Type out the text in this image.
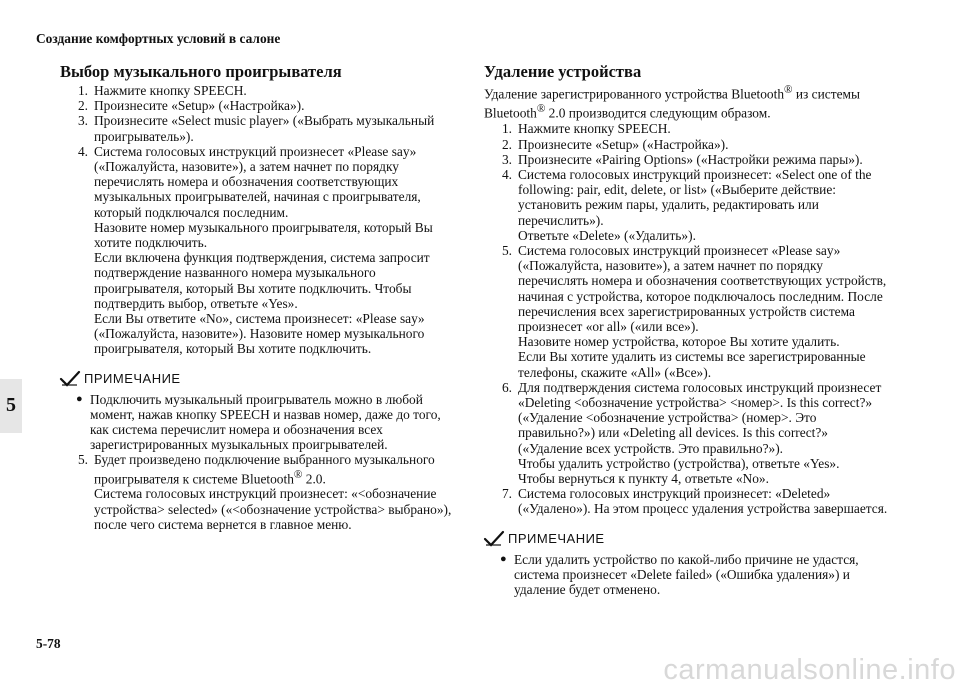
Создание комфортных условий в салоне
5
Выбор музыкального проигрывателя
1. Нажмите кнопку SPEECH.

2. Произнесите «Setup» («Настройка»).

3. Произнесите «Select music player» («Выбрать музыкальный проигрыватель»).

4. Система голосовых инструкций произнесет «Please say» («Пожалуйста, назовите»), а затем начнет по порядку перечислять номера и обозначения соответствующих музыкальных проигрывателей, начиная с проигрывателя, который подключался последним.

Назовите номер музыкального проигрывателя, который Вы хотите подключить.

Если включена функция подтверждения, система запросит подтверждение названного номера музыкального проигрывателя, который Вы хотите подключить. Чтобы подтвердить выбор, ответьте «Yes».

Если Вы ответите «No», система произнесет: «Please say» («Пожалуйста, назовите»). Назовите номер музыкального проигрывателя, который Вы хотите подключить.

ПРИМЕЧАНИЕ
● Подключить музыкальный проигрыватель можно в любой момент, нажав кнопку SPEECH и назвав номер, даже до того, как система перечислит номера и обозначения всех зарегистрированных музыкальных проигрывателей.
5. Будет произведено подключение выбранного музыкального проигрывателя к системе Bluetooth® 2.0.

Система голосовых инструкций произнесет: «<обозначение устройства> selected» («<обозначение устройства> выбрано»), после чего система вернется в главное меню.

Удаление устройства

Удаление зарегистрированного устройства Bluetooth® из системы Bluetooth® 2.0 производится следующим образом.

1. Нажмите кнопку SPEECH.

2. Произнесите «Setup» («Настройка»).

3. Произнесите «Pairing Options» («Настройки режима пары»).

4. Система голосовых инструкций произнесет: «Select one of the following: pair, edit, delete, or list» («Выберите действие: установить режим пары, удалить, редактировать или перечислить»).

Ответьте «Delete» («Удалить»).

5. Система голосовых инструкций произнесет «Please say» («Пожалуйста, назовите»), а затем начнет по порядку перечислять номера и обозначения соответствующих устройств, начиная с устройства, которое подключалось последним. После перечисления всех зарегистрированных устройств система произнесет «or all» («или все»).

Назовите номер устройства, которое Вы хотите удалить.

Если Вы хотите удалить из системы все зарегистрированные телефоны, скажите «All» («Все»).

6. Для подтверждения система голосовых инструкций произнесет «Deleting <обозначение устройства> <номер>. Is this correct?» («Удаление <обозначение устройства> (номер>. Это правильно?») или «Deleting all devices. Is this correct?» («Удаление всех устройств. Это правильно?»).

Чтобы удалить устройство (устройства), ответьте «Yes».

Чтобы вернуться к пункту 4, ответьте «No».

7. Система голосовых инструкций произнесет: «Deleted» («Удалено»). На этом процесс удаления устройства завершается.

ПРИМЕЧАНИЕ
● Если удалить устройство по какой-либо причине не удастся, система произнесет «Delete failed» («Ошибка удаления») и удаление будет отменено.
5-78
carmanualsonline.info
